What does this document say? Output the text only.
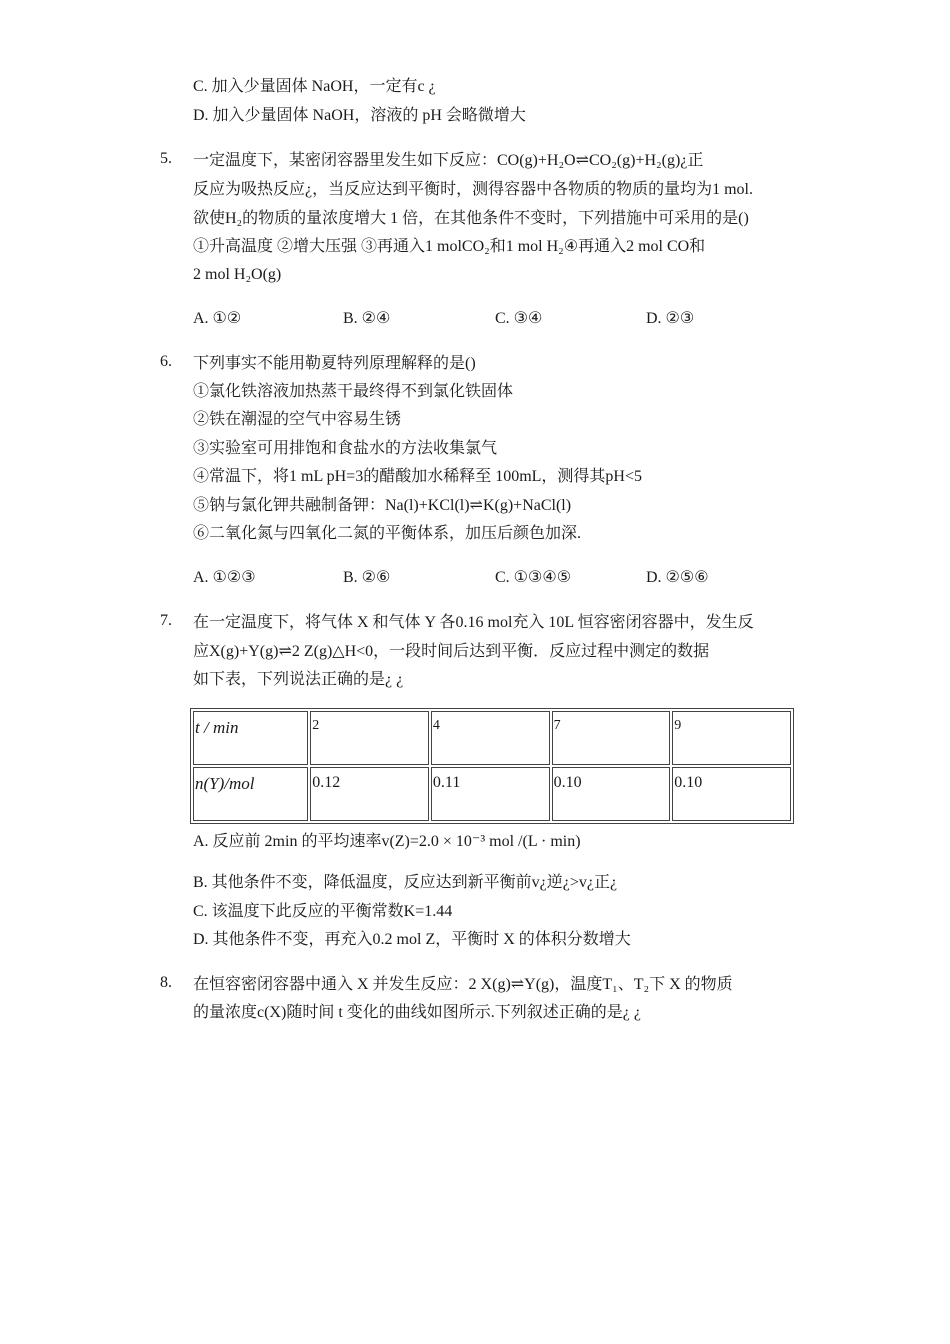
C. 加入少量固体 NaOH，一定有c ¿
D. 加入少量固体 NaOH，溶液的 pH 会略微增大
5. 一定温度下，某密闭容器里发生如下反应：CO(g)+H₂O⇌CO₂(g)+H₂(g)¿正
反应为吸热反应¿，当反应达到平衡时，测得容器中各物质的物质的量均为1 mol.
欲使H₂的物质的量浓度增大 1 倍，在其他条件不变时，下列措施中可采用的是()
①升高温度 ②增大压强 ③再通入1 molCO₂和1 mol H₂④再通入2 mol CO和
2 mol H₂O(g)
A. ①②	B. ②④	C. ③④	D. ②③
6. 下列事实不能用勒夏特列原理解释的是()
①氯化铁溶液加热蒸干最终得不到氯化铁固体
②铁在潮湿的空气中容易生锈
③实验室可用排饱和食盐水的方法收集氯气
④常温下，将1 mL pH=3的醋酸加水稀释至 100mL，测得其pH<5
⑤钠与氯化钾共融制备钾：Na(l)+KCl(l)⇌K(g)+NaCl(l)
⑥二氧化氮与四氧化二氮的平衡体系，加压后颜色加深.
A. ①②③	B. ②⑥	C. ①③④⑤	D. ②⑤⑥
7. 在一定温度下，将气体 X 和气体 Y 各0.16 mol充入 10L 恒容密闭容器中，发生反
应X(g)+Y(g)⇌2 Z(g)△H<0，一段时间后达到平衡．反应过程中测定的数据
如下表，下列说法正确的是¿ ¿
t / min	2	4	7	9
n(Y)/mol	0.12	0.11	0.10	0.10
A. 反应前 2min 的平均速率v(Z)=2.0 × 10⁻³ mol /(L · min)
B. 其他条件不变，降低温度，反应达到新平衡前v¿逆¿>v¿正¿
C. 该温度下此反应的平衡常数K=1.44
D. 其他条件不变，再充入0.2 mol Z，平衡时 X 的体积分数增大
8. 在恒容密闭容器中通入 X 并发生反应：2 X(g)⇌Y(g)，温度T₁、T₂下 X 的物质
的量浓度c(X)随时间 t 变化的曲线如图所示.下列叙述正确的是¿ ¿
